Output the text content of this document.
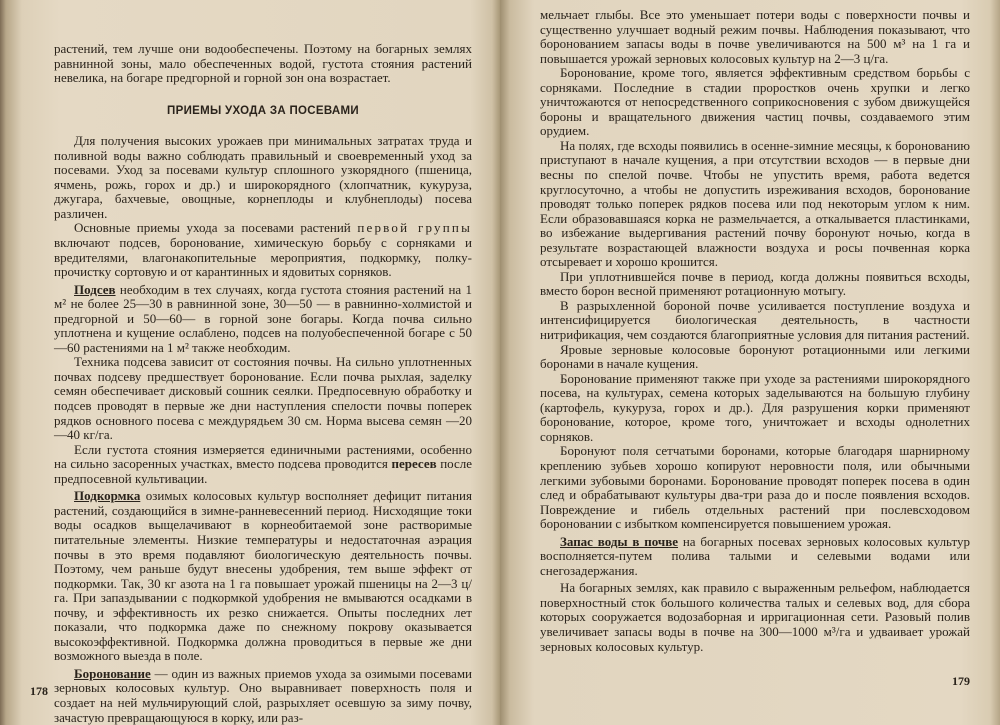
растений, тем лучше они водообеспечены. Поэтому на богарных землях равнинной зоны, мало обеспеченных водой, густота стояния растений невелика, на богаре предгорной и горной зон она возрастает.

ПРИЕМЫ УХОДА ЗА ПОСЕВАМИ

Для получения высоких урожаев при минимальных затратах труда и поливной воды важно соблюдать правильный и своевременный уход за посевами. Уход за посевами культур сплошного узкорядного (пшеница, ячмень, рожь, горох и др.) и широкорядного (хлопчатник, кукуруза, джугара, бахчевые, овощные, корнеплоды и клубнеплоды) посева различен.

Основные приемы ухода за посевами растений первой группы включают подсев, боронование, химическую борьбу с сорняками и вредителями, влагонакопительные мероприятия, подкормку, полку-прочистку сортовую и от карантинных и ядовитых сорняков.

Подсев необходим в тех случаях, когда густота стояния растений на 1 м² не более 25—30 в равнинной зоне, 30—50 — в равнинно-холмистой и предгорной и 50—60— в горной зоне богары. Когда почва сильно уплотнена и кущение ослаблено, подсев на полуобеспеченной богаре с 50—60 растениями на 1 м² также необходим.

Техника подсева зависит от состояния почвы. На сильно уплотненных почвах подсеву предшествует боронование. Если почва рыхлая, заделку семян обеспечивает дисковый сошник сеялки. Предпосевную обработку и подсев проводят в первые же дни наступления спелости почвы поперек рядков основного посева с междурядьем 30 см. Норма высева семян —20—40 кг/га.

Если густота стояния измеряется единичными растениями, особенно на сильно засоренных участках, вместо подсева проводится пересев после предпосевной культивации.

Подкормка озимых колосовых культур восполняет дефицит питания растений, создающийся в зимне-ранневесенний период. Нисходящие токи воды осадков выщелачивают в корнеобитаемой зоне растворимые питательные элементы. Низкие температуры и недостаточная аэрация почвы в это время подавляют биологическую деятельность почвы. Поэтому, чем раньше будут внесены удобрения, тем выше эффект от подкормки. Так, 30 кг азота на 1 га повышает урожай пшеницы на 2—3 ц/га. При запаздывании с подкормкой удобрения не вмываются осадками в почву, и эффективность их резко снижается. Опыты последних лет показали, что подкормка даже по снежному покрову оказывается высокоэффективной. Подкормка должна проводиться в первые же дни возможного выезда в поле.

Боронование — один из важных приемов ухода за озимыми посевами зерновых колосовых культур. Оно выравнивает поверхность поля и создает на ней мульчирующий слой, разрыхляет осевшую за зиму почву, зачастую превращающуюся в корку, или раз-

178

мельчает глыбы. Все это уменьшает потери воды с поверхности почвы и существенно улучшает водный режим почвы. Наблюдения показывают, что боронованием запасы воды в почве увеличиваются на 500 м³ на 1 га и повышается урожай зерновых колосовых культур на 2—3 ц/га.

Боронование, кроме того, является эффективным средством борьбы с сорняками. Последние в стадии проростков очень хрупки и легко уничтожаются от непосредственного соприкосновения с зубом движущейся бороны и вращательного движения частиц почвы, создаваемого этим орудием.

На полях, где всходы появились в осенне-зимние месяцы, к боронованию приступают в начале кущения, а при отсутствии всходов — в первые дни весны по спелой почве. Чтобы не упустить время, работа ведется круглосуточно, а чтобы не допустить изреживания всходов, боронование проводят только поперек рядков посева или под некоторым углом к ним. Если образовавшаяся корка не размельчается, а откалывается пластинками, во избежание выдергивания растений почву боронуют ночью, когда в результате возрастающей влажности воздуха и росы почвенная корка отсыревает и хорошо крошится.

При уплотнившейся почве в период, когда должны появиться всходы, вместо борон весной применяют ротационную мотыгу.

В разрыхленной бороной почве усиливается поступление воздуха и интенсифицируется биологическая деятельность, в частности нитрификация, чем создаются благоприятные условия для питания растений.

Яровые зерновые колосовые боронуют ротационными или легкими боронами в начале кущения.

Боронование применяют также при уходе за растениями широкорядного посева, на культурах, семена которых заделываются на большую глубину (картофель, кукуруза, горох и др.). Для разрушения корки применяют боронование, которое, кроме того, уничтожает и всходы однолетних сорняков.

Боронуют поля сетчатыми боронами, которые благодаря шарнирному креплению зубьев хорошо копируют неровности поля, или обычными легкими зубовыми боронами. Боронование проводят поперек посева в один след и обрабатывают культуры два-три раза до и после появления всходов. Повреждение и гибель отдельных растений при послевсходовом бороновании с избытком компенсируется повышением урожая.

Запас воды в почве на богарных посевах зерновых колосовых культур восполняется-путем полива талыми и селевыми водами или снегозадержания.

На богарных землях, как правило с выраженным рельефом, наблюдается поверхностный сток большого количества талых и селевых вод, для сбора которых сооружается водозаборная и ирригационная сети. Разовый полив увеличивает запасы воды в почве на 300—1000 м³/га и удваивает урожай зерновых колосовых культур.

179
